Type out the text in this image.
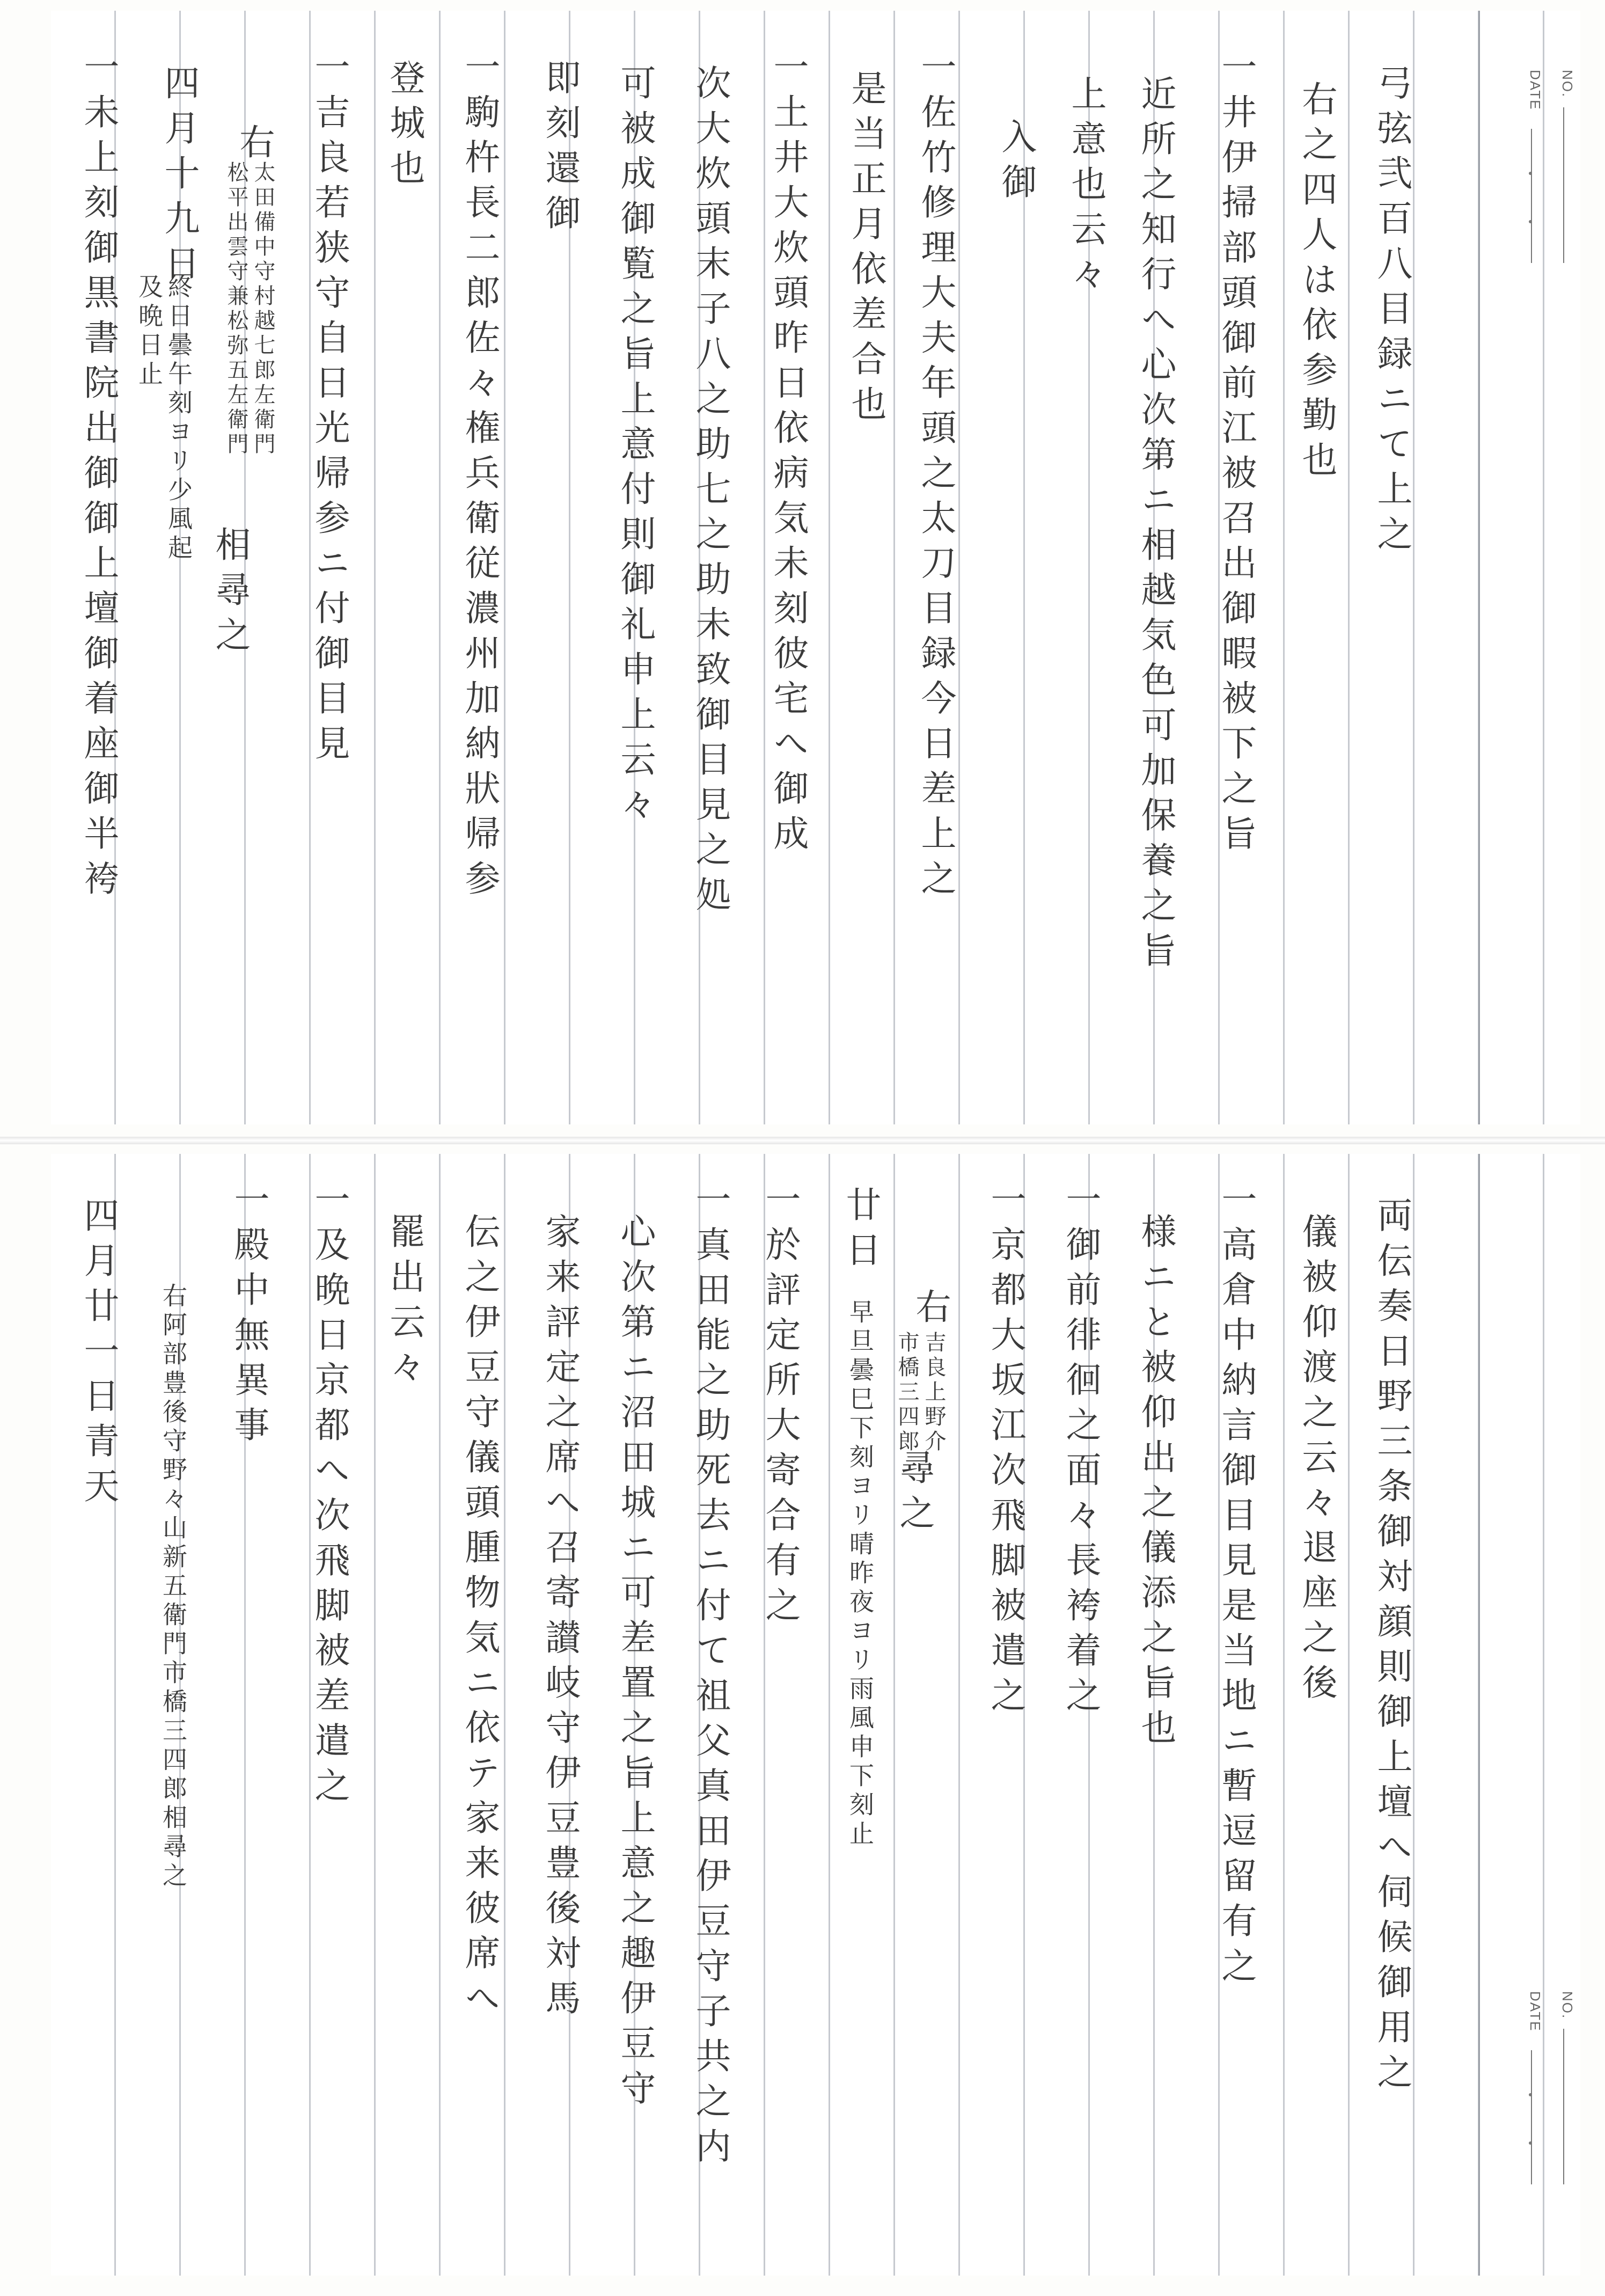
NO.
DATE
NO.
DATE
弓弦弐百八目録ニて上之
右之四人は依参勤也
一井伊掃部頭御前江被召出御暇被下之旨
近所之知行へ心次第ニ相越気色可加保養之旨
上意也云々
入御
一佐竹修理大夫年頭之太刀目録今日差上之
是当正月依差合也
一土井大炊頭昨日依病気未刻彼宅へ御成
次大炊頭末子八之助七之助未致御目見之処
可被成御覧之旨上意付則御礼申上云々
即刻還御
一駒杵長二郎佐々権兵衛従濃州加納狀帰参
登城也
一吉良若狭守自日光帰参ニ付御目見
右
太田備中守村越七郎左衛門
松平出雲守兼松弥五左衛門
相尋之
四月十九日
終日曇午刻ヨリ少風起
及晩日止
一未上刻御黒書院出御御上壇御着座御半袴
両伝奏日野三条御対顔則御上壇へ伺候御用之
儀被仰渡之云々退座之後
一高倉中納言御目見是当地ニ暫逗留有之
様ニと被仰出之儀添之旨也
一御前徘徊之面々長袴着之
一京都大坂江次飛脚被遣之
右
吉良上野介
市橋三四郎
尋之
廿日
早旦曇巳下刻ヨリ晴昨夜ヨリ雨風申下刻止
一於評定所大寄合有之
一真田能之助死去ニ付て祖父真田伊豆守子共之内
心次第ニ沼田城ニ可差置之旨上意之趣伊豆守
家来評定之席へ召寄讃岐守伊豆豊後対馬
伝之伊豆守儀頭腫物気ニ依テ家来彼席へ
罷出云々
一及晩日京都へ次飛脚被差遣之
一殿中無異事
右阿部豊後守野々山新五衛門市橋三四郎相尋之
四月廿一日青天
